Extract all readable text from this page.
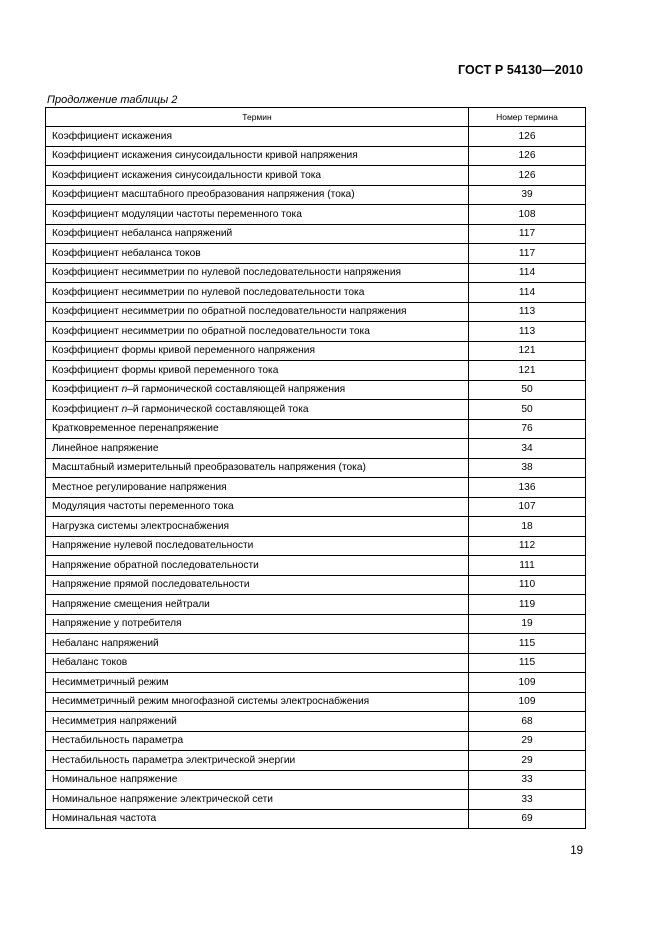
ГОСТ Р 54130—2010
Продолжение таблицы 2
Термин	Номер термина
Коэффициент искажения	126
Коэффициент искажения синусоидальности кривой напряжения	126
Коэффициент искажения синусоидальности кривой тока	126
Коэффициент масштабного преобразования напряжения (тока)	39
Коэффициент модуляции частоты переменного тока	108
Коэффициент небаланса напряжений	117
Коэффициент небаланса токов	117
Коэффициент несимметрии по нулевой последовательности напряжения	114
Коэффициент несимметрии по нулевой последовательности тока	114
Коэффициент несимметрии по обратной последовательности напряжения	113
Коэффициент несимметрии по обратной последовательности тока	113
Коэффициент формы кривой переменного напряжения	121
Коэффициент формы кривой переменного тока	121
Коэффициент n–й гармонической составляющей напряжения	50
Коэффициент n–й гармонической составляющей тока	50
Кратковременное перенапряжение	76
Линейное напряжение	34
Масштабный измерительный преобразователь напряжения (тока)	38
Местное регулирование напряжения	136
Модуляция частоты переменного тока	107
Нагрузка системы электроснабжения	18
Напряжение нулевой последовательности	112
Напряжение обратной последовательности	111
Напряжение прямой последовательности	110
Напряжение смещения нейтрали	119
Напряжение у потребителя	19
Небаланс напряжений	115
Небаланс токов	115
Несимметричный режим	109
Несимметричный режим многофазной системы электроснабжения	109
Несимметрия напряжений	68
Нестабильность параметра	29
Нестабильность параметра электрической энергии	29
Номинальное напряжение	33
Номинальное напряжение электрической сети	33
Номинальная частота	69
19
